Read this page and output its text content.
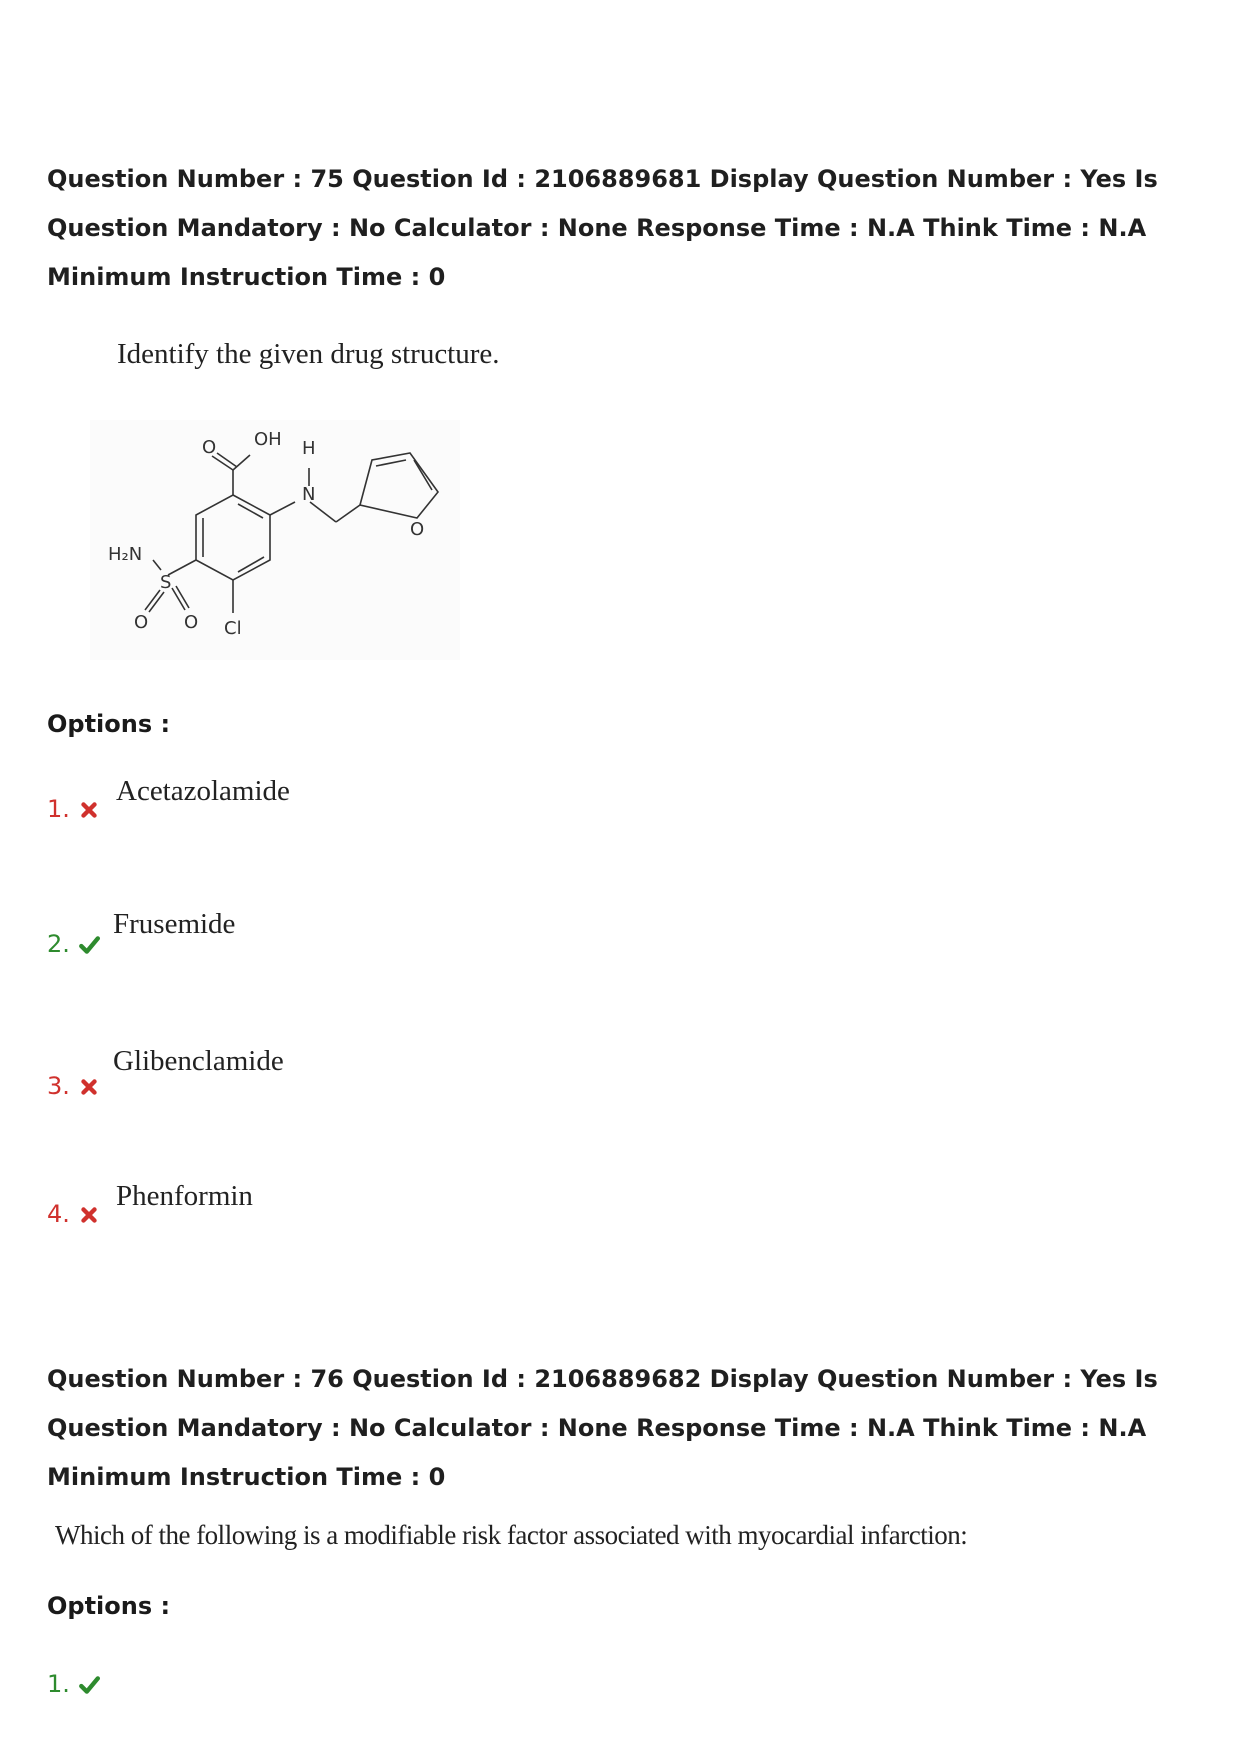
Question Number : 75 Question Id : 2106889681 Display Question Number : Yes Is Question Mandatory : No Calculator : None Response Time : N.A Think Time : N.A Minimum Instruction Time : 0
Identify the given drug structure.
O OH H
N
O
H₂N
S
O O Cl
Options :
1.
Acetazolamide
2.
Frusemide
3.
Glibenclamide
4.
Phenformin
Question Number : 76 Question Id : 2106889682 Display Question Number : Yes Is Question Mandatory : No Calculator : None Response Time : N.A Think Time : N.A Minimum Instruction Time : 0
Which of the following is a modifiable risk factor associated with myocardial infarction:
Options :
1.
